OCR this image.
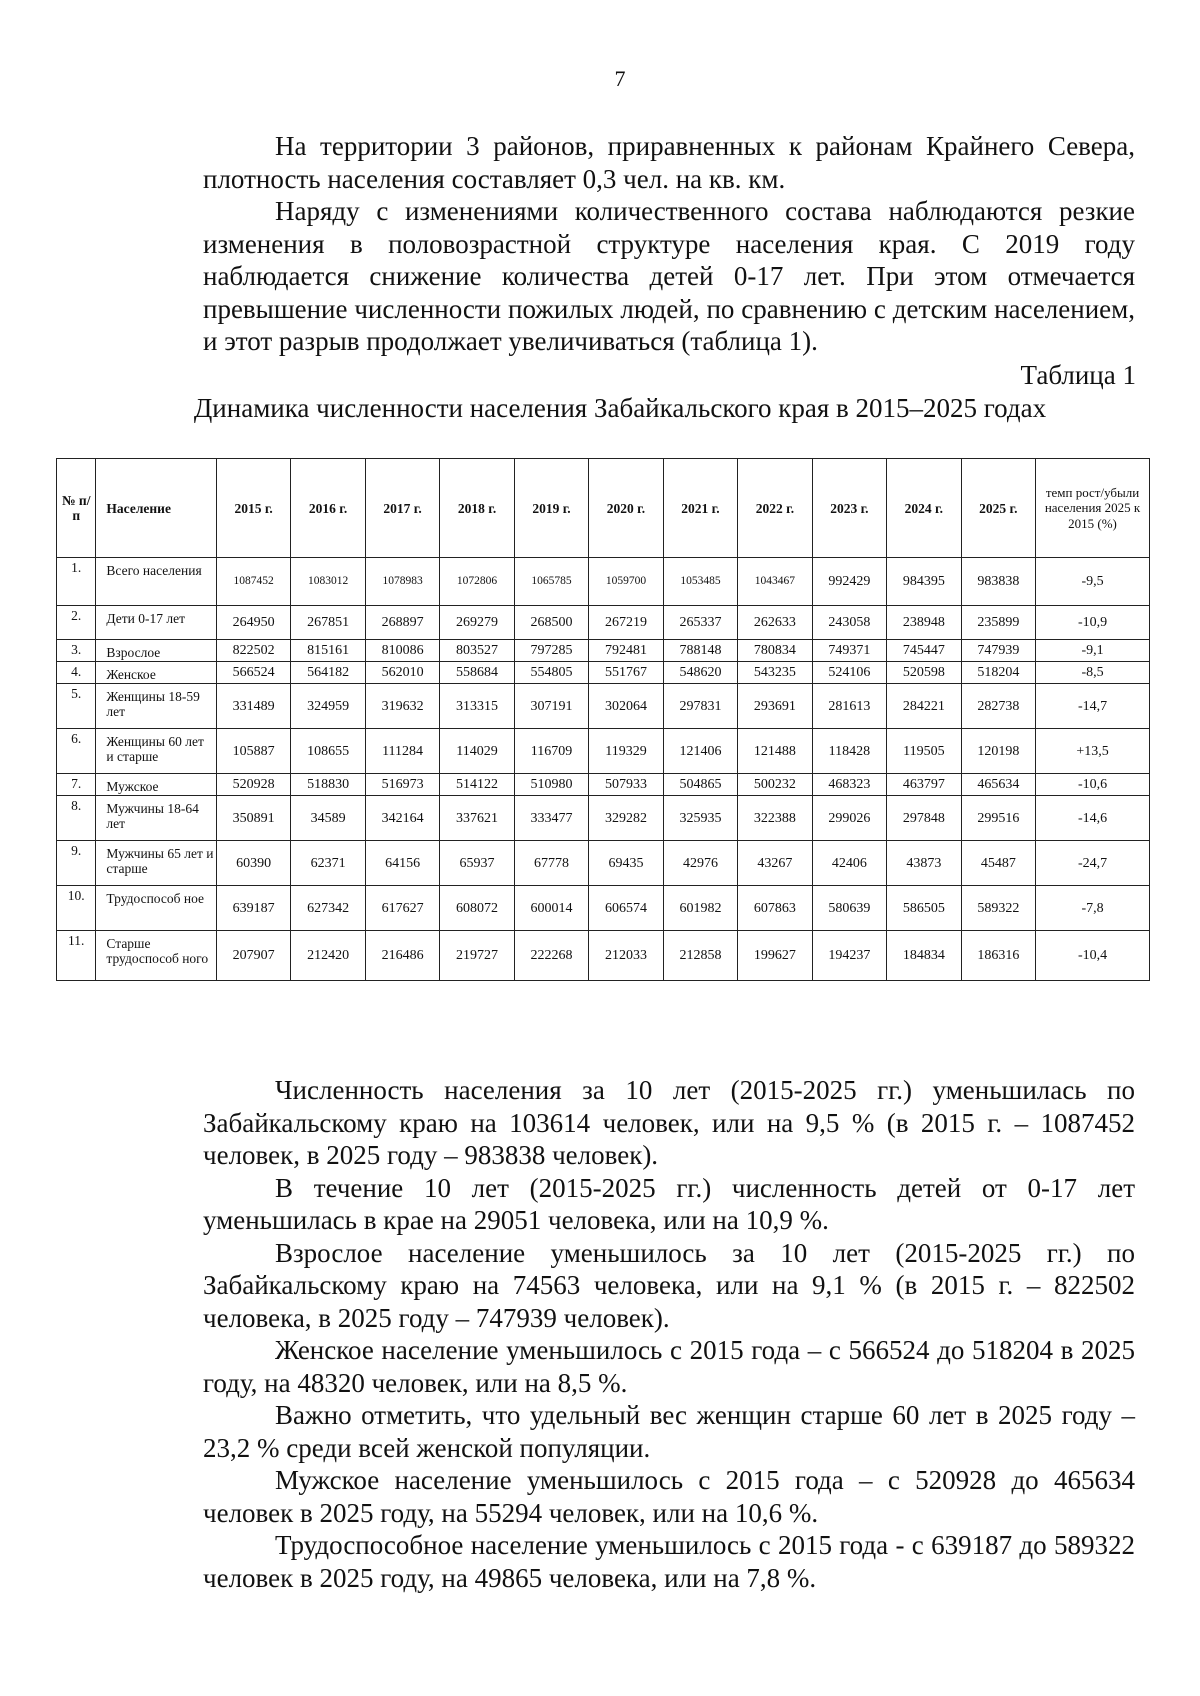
7

На территории 3 районов, приравненных к районам Крайнего Севера, плотность населения составляет 0,3 чел. на кв. км.

Наряду с изменениями количественного состава наблюдаются резкие изменения в половозрастной структуре населения края. С 2019 году наблюдается снижение количества детей 0-17 лет. При этом отмечается превышение численности пожилых людей, по сравнению с детским населением, и этот разрыв продолжает увеличиваться (таблица 1).

Таблица 1
Динамика численности населения Забайкальского края в 2015–2025 годах
№ п/п	Население	2015 г.	2016 г.	2017 г.	2018 г.	2019 г.	2020 г.	2021 г.	2022 г.	2023 г.	2024 г.	2025 г.	темп рост/убыли населения 2025 к 2015 (%)
1.	Всего населения	1087452	1083012	1078983	1072806	1065785	1059700	1053485	1043467	992429	984395	983838	-9,5
2.	Дети 0-17 лет	264950	267851	268897	269279	268500	267219	265337	262633	243058	238948	235899	-10,9
3.	Взрослое	822502	815161	810086	803527	797285	792481	788148	780834	749371	745447	747939	-9,1
4.	Женское	566524	564182	562010	558684	554805	551767	548620	543235	524106	520598	518204	-8,5
5.	Женщины 18-59 лет	331489	324959	319632	313315	307191	302064	297831	293691	281613	284221	282738	-14,7
6.	Женщины 60 лет и старше	105887	108655	111284	114029	116709	119329	121406	121488	118428	119505	120198	+13,5
7.	Мужское	520928	518830	516973	514122	510980	507933	504865	500232	468323	463797	465634	-10,6
8.	Мужчины 18-64 лет	350891	34589	342164	337621	333477	329282	325935	322388	299026	297848	299516	-14,6
9.	Мужчины 65 лет и старше	60390	62371	64156	65937	67778	69435	42976	43267	42406	43873	45487	-24,7
10.	Трудоспособ ное	639187	627342	617627	608072	600014	606574	601982	607863	580639	586505	589322	-7,8
11.	Старше трудоспособ ного	207907	212420	216486	219727	222268	212033	212858	199627	194237	184834	186316	-10,4

Численность населения за 10 лет (2015-2025 гг.) уменьшилась по Забайкальскому краю на 103614 человек, или на 9,5 % (в 2015 г. – 1087452 человек, в 2025 году – 983838 человек).

В течение 10 лет (2015-2025 гг.) численность детей от 0-17 лет уменьшилась в крае на 29051 человека, или на 10,9 %.

Взрослое население уменьшилось за 10 лет (2015-2025 гг.) по Забайкальскому краю на 74563 человека, или на 9,1 % (в 2015 г. – 822502 человека, в 2025 году – 747939 человек).

Женское население уменьшилось с 2015 года – с 566524 до 518204 в 2025 году, на 48320 человек, или на 8,5 %.

Важно отметить, что удельный вес женщин старше 60 лет в 2025 году – 23,2 % среди всей женской популяции.

Мужское население уменьшилось с 2015 года – с 520928 до 465634 человек в 2025 году, на 55294 человек, или на 10,6 %.

Трудоспособное население уменьшилось с 2015 года - с 639187 до 589322 человек в 2025 году, на 49865 человека, или на 7,8 %.
